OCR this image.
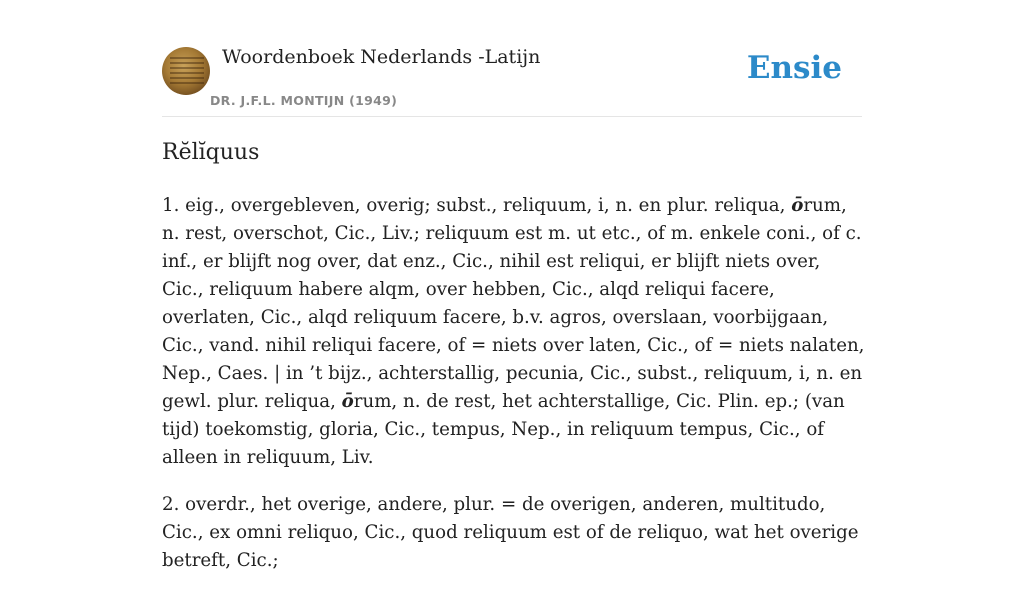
Woordenboek Nederlands -Latijn
DR. J.F.L. MONTIJN (1949)
Ensie
Rĕlĭquus

1. eig., overgebleven, overig; subst., reliquum, i, n. en plur. reliqua, ōrum, n. rest, overschot, Cic., Liv.; reliquum est m. ut etc., of m. enkele coni., of c. inf., er blijft nog over, dat enz., Cic., nihil est reliqui, er blijft niets over, Cic., reliquum habere alqm, over hebben, Cic., alqd reliqui facere, overlaten, Cic., alqd reliquum facere, b.v. agros, overslaan, voorbijgaan, Cic., vand. nihil reliqui facere, of = niets over laten, Cic., of = niets nalaten, Nep., Caes. | in ’t bijz., achterstallig, pecunia, Cic., subst., reliquum, i, n. en gewl. plur. reliqua, ōrum, n. de rest, het achterstallige, Cic. Plin. ep.; (van tijd) toekomstig, gloria, Cic., tempus, Nep., in reliquum tempus, Cic., of alleen in reliquum, Liv.

2. overdr., het overige, andere, plur. = de overigen, anderen, multitudo, Cic., ex omni reliquo, Cic., quod reliquum est of de reliquo, wat het overige betreft, Cic.;
